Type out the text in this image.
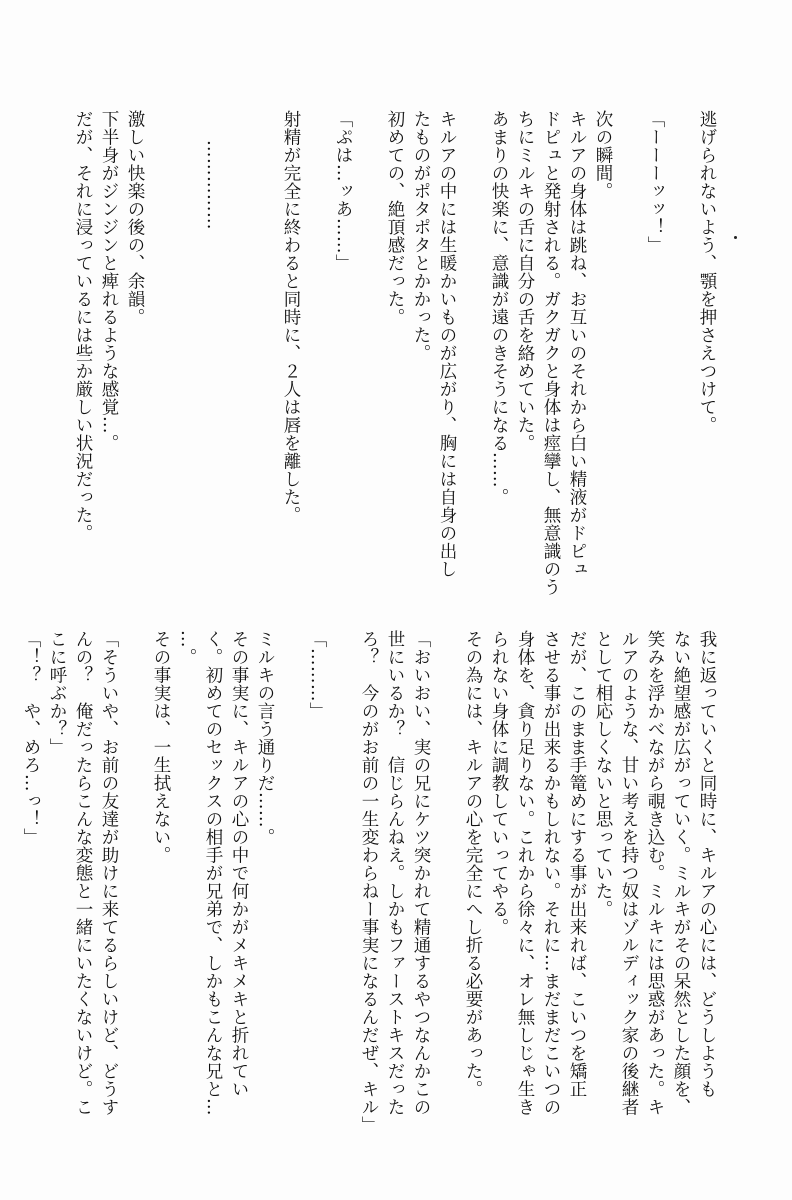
逃げられないよう、顎を押さえつけて。

「ーーーッッ！」

次の瞬間。

キルアの身体は跳ね、お互いのそれから白い精液がドピュ

ドピュと発射される。ガクガクと身体は痙攣し、無意識のう

ちにミルキの舌に自分の舌を絡めていた。

あまりの快楽に、意識が遠のきそうになる……。

キルアの中には生暖かいものが広がり、胸には自身の出し

たものがポタポタとかかった。

初めての、絶頂感だった。

「ぷは…ッあ……」

射精が完全に終わると同時に、２人は唇を離した。

……………

激しい快楽の後の、余韻。

下半身がジンジンと痺れるような感覚…。

だが、それに浸っているには些か厳しい状況だった。

我に返っていくと同時に、キルアの心には、どうしようも

ない絶望感が広がっていく。ミルキがその呆然とした顔を、

笑みを浮かべながら覗き込む。ミルキには思惑があった。キ

ルアのような、甘い考えを持つ奴はゾルディック家の後継者

として相応しくないと思っていた。

だが、このまま手篭めにする事が出来れば、こいつを矯正

させる事が出来るかもしれない。それに…まだまだこいつの

身体を、貪り足りない。これから徐々に、オレ無しじゃ生き

られない身体に調教していってやる。

その為には、キルアの心を完全にへし折る必要があった。

「おいおい、実の兄にケツ突かれて精通するやつなんかこの

世にいるか？　信じらんねえ。しかもファーストキスだった

ろ？　今のがお前の一生変わらねー事実になるんだぜ、キル」

「………」

ミルキの言う通りだ……。

その事実に、キルアの心の中で何かがメキメキと折れてい

く。初めてのセックスの相手が兄弟で、しかもこんな兄と…

…。

その事実は、一生拭えない。

「そういや、お前の友達が助けに来てるらしいけど、どうす

んの？　俺だったらこんな変態と一緒にいたくないけど。こ

こに呼ぶか？」

「！？　や、めろ…っ！」
